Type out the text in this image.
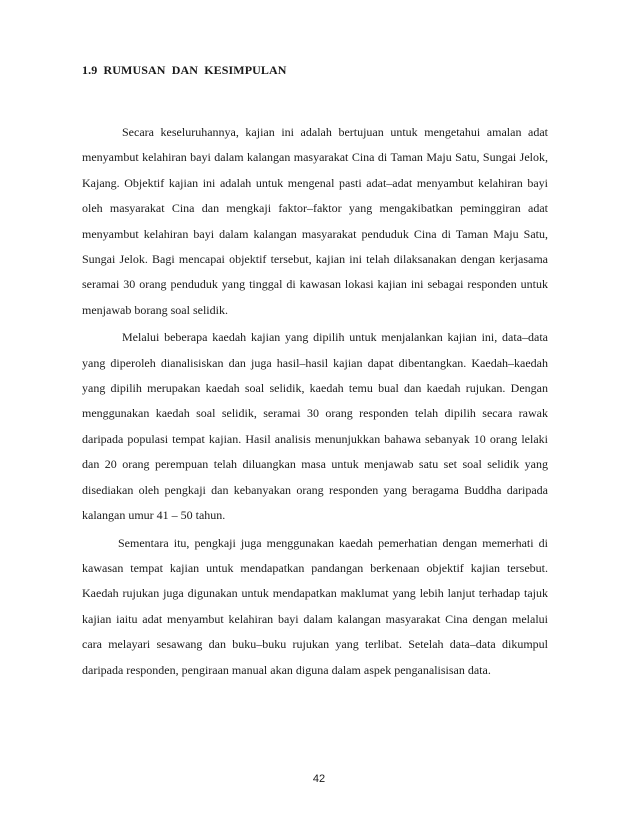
1.9  RUMUSAN  DAN  KESIMPULAN

Secara keseluruhannya, kajian ini adalah bertujuan untuk mengetahui amalan adat menyambut kelahiran bayi dalam kalangan masyarakat Cina di Taman Maju Satu, Sungai Jelok, Kajang. Objektif kajian ini adalah untuk mengenal pasti adat–adat menyambut kelahiran bayi oleh masyarakat Cina dan mengkaji faktor–faktor yang mengakibatkan peminggiran adat menyambut kelahiran bayi dalam kalangan masyarakat penduduk Cina di Taman Maju Satu, Sungai Jelok. Bagi mencapai objektif tersebut, kajian ini telah dilaksanakan dengan kerjasama seramai 30 orang penduduk yang tinggal di kawasan lokasi kajian ini sebagai responden untuk menjawab borang soal selidik.

Melalui beberapa kaedah kajian yang dipilih untuk menjalankan kajian ini, data–data yang diperoleh dianalisiskan dan juga hasil–hasil kajian dapat dibentangkan. Kaedah–kaedah yang dipilih merupakan kaedah soal selidik, kaedah temu bual dan kaedah rujukan. Dengan menggunakan kaedah soal selidik, seramai 30 orang responden telah dipilih secara rawak daripada populasi tempat kajian. Hasil analisis menunjukkan bahawa sebanyak 10 orang lelaki dan 20 orang perempuan telah diluangkan masa untuk menjawab satu set soal selidik yang disediakan oleh pengkaji dan kebanyakan orang responden yang beragama Buddha daripada kalangan umur 41 – 50 tahun.

Sementara itu, pengkaji juga menggunakan kaedah pemerhatian dengan memerhati di kawasan tempat kajian untuk mendapatkan pandangan berkenaan objektif kajian tersebut. Kaedah rujukan juga digunakan untuk mendapatkan maklumat yang lebih lanjut terhadap tajuk kajian iaitu adat menyambut kelahiran bayi dalam kalangan masyarakat Cina dengan melalui cara melayari sesawang dan buku–buku rujukan yang terlibat. Setelah data–data dikumpul daripada responden, pengiraan manual akan diguna dalam aspek penganalisisan data.

42
